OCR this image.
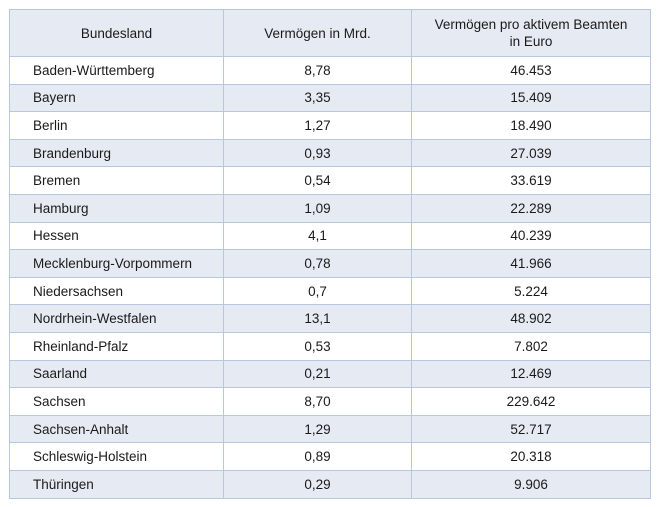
Bundesland	Vermögen in Mrd.	Vermögen pro aktivem Beamten in Euro
Baden-Württemberg	8,78	46.453
Bayern	3,35	15.409
Berlin	1,27	18.490
Brandenburg	0,93	27.039
Bremen	0,54	33.619
Hamburg	1,09	22.289
Hessen	4,1	40.239
Mecklenburg-Vorpommern	0,78	41.966
Niedersachsen	0,7	5.224
Nordrhein-Westfalen	13,1	48.902
Rheinland-Pfalz	0,53	7.802
Saarland	0,21	12.469
Sachsen	8,70	229.642
Sachsen-Anhalt	1,29	52.717
Schleswig-Holstein	0,89	20.318
Thüringen	0,29	9.906
